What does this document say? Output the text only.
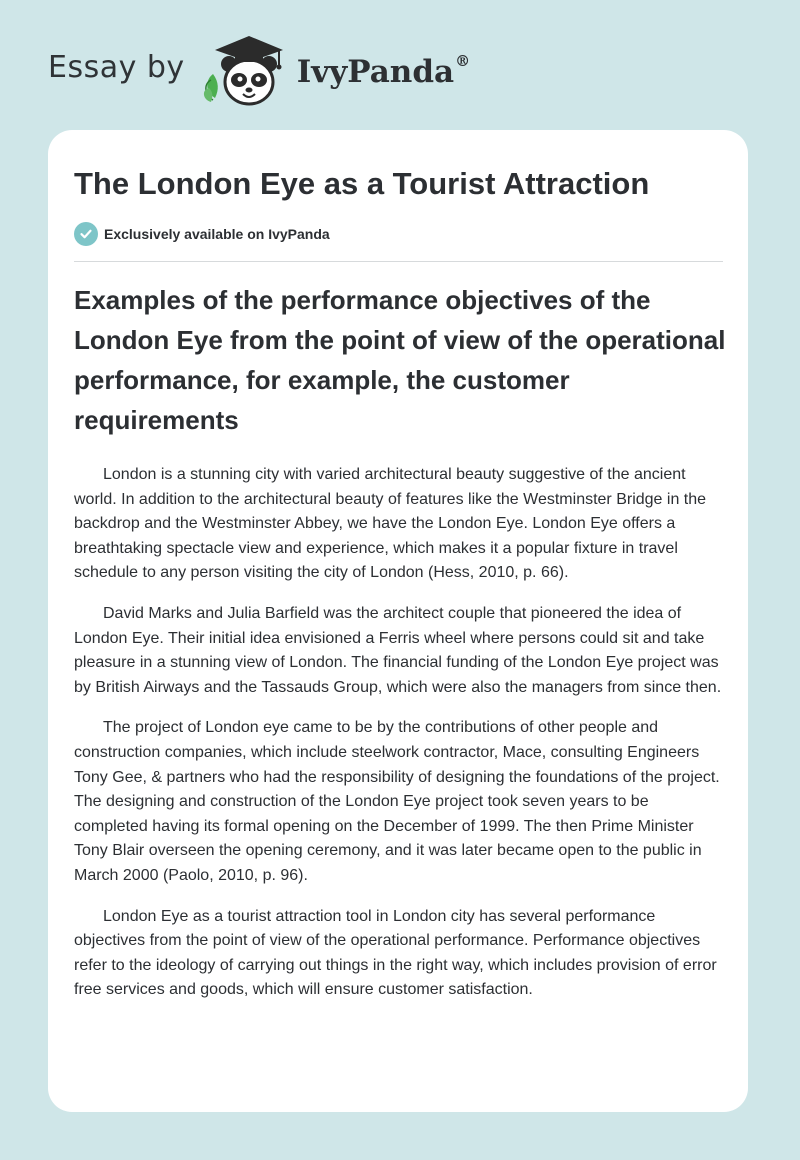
Essay by	IvyPanda®
The London Eye as a Tourist Attraction
Exclusively available on IvyPanda
Examples of the performance objectives of the London Eye from the point of view of the operational performance, for example, the customer requirements

London is a stunning city with varied architectural beauty suggestive of the ancient world. In addition to the architectural beauty of features like the Westminster Bridge in the backdrop and the Westminster Abbey, we have the London Eye. London Eye offers a breathtaking spectacle view and experience, which makes it a popular fixture in travel schedule to any person visiting the city of London (Hess, 2010, p. 66).

David Marks and Julia Barfield was the architect couple that pioneered the idea of London Eye. Their initial idea envisioned a Ferris wheel where persons could sit and take pleasure in a stunning view of London. The financial funding of the London Eye project was by British Airways and the Tassauds Group, which were also the managers from since then.

The project of London eye came to be by the contributions of other people and construction companies, which include steelwork contractor, Mace, consulting Engineers Tony Gee, & partners who had the responsibility of designing the foundations of the project. The designing and construction of the London Eye project took seven years to be completed having its formal opening on the December of 1999. The then Prime Minister Tony Blair overseen the opening ceremony, and it was later became open to the public in March 2000 (Paolo, 2010, p. 96).

London Eye as a tourist attraction tool in London city has several performance objectives from the point of view of the operational performance. Performance objectives refer to the ideology of carrying out things in the right way, which includes provision of error free services and goods, which will ensure customer satisfaction.
